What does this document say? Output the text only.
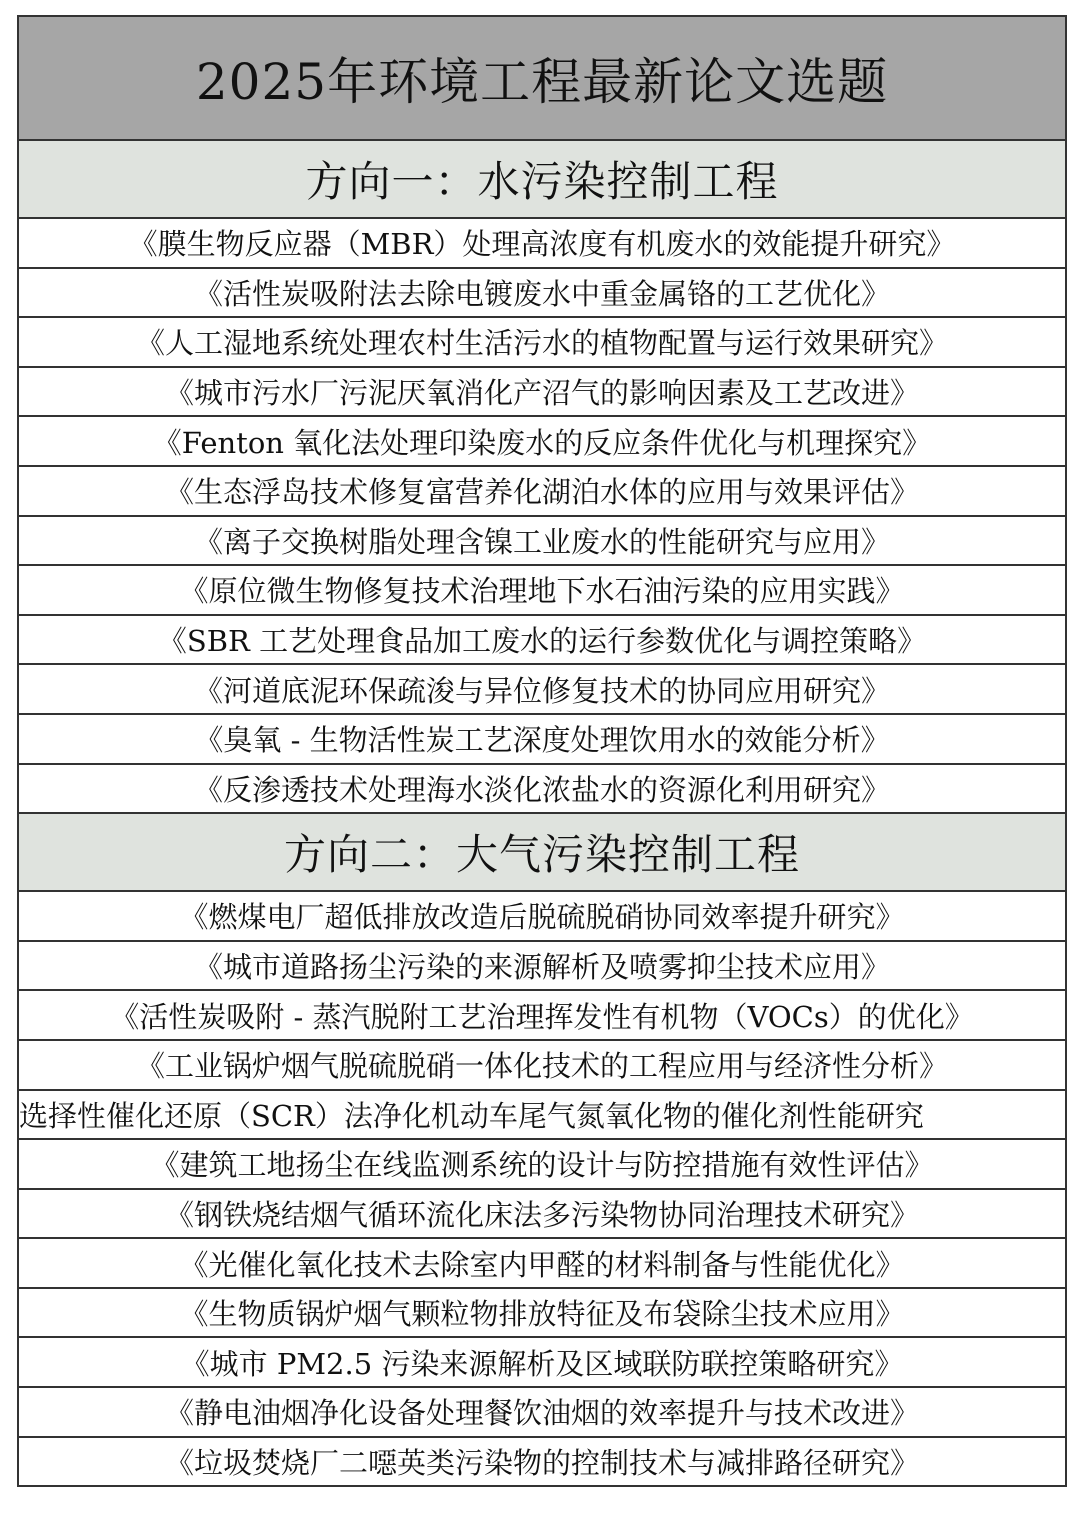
2025年环境工程最新论文选题
方向一：水污染控制工程
《膜生物反应器（MBR）处理高浓度有机废水的效能提升研究》
《活性炭吸附法去除电镀废水中重金属铬的工艺优化》
《人工湿地系统处理农村生活污水的植物配置与运行效果研究》
《城市污水厂污泥厌氧消化产沼气的影响因素及工艺改进》
《Fenton 氧化法处理印染废水的反应条件优化与机理探究》
《生态浮岛技术修复富营养化湖泊水体的应用与效果评估》
《离子交换树脂处理含镍工业废水的性能研究与应用》
《原位微生物修复技术治理地下水石油污染的应用实践》
《SBR 工艺处理食品加工废水的运行参数优化与调控策略》
《河道底泥环保疏浚与异位修复技术的协同应用研究》
《臭氧 - 生物活性炭工艺深度处理饮用水的效能分析》
《反渗透技术处理海水淡化浓盐水的资源化利用研究》
方向二：大气污染控制工程
《燃煤电厂超低排放改造后脱硫脱硝协同效率提升研究》
《城市道路扬尘污染的来源解析及喷雾抑尘技术应用》
《活性炭吸附 - 蒸汽脱附工艺治理挥发性有机物（VOCs）的优化》
《工业锅炉烟气脱硫脱硝一体化技术的工程应用与经济性分析》
选择性催化还原（SCR）法净化机动车尾气氮氧化物的催化剂性能研究
《建筑工地扬尘在线监测系统的设计与防控措施有效性评估》
《钢铁烧结烟气循环流化床法多污染物协同治理技术研究》
《光催化氧化技术去除室内甲醛的材料制备与性能优化》
《生物质锅炉烟气颗粒物排放特征及布袋除尘技术应用》
《城市 PM2.5 污染来源解析及区域联防联控策略研究》
《静电油烟净化设备处理餐饮油烟的效率提升与技术改进》
《垃圾焚烧厂二噁英类污染物的控制技术与减排路径研究》
